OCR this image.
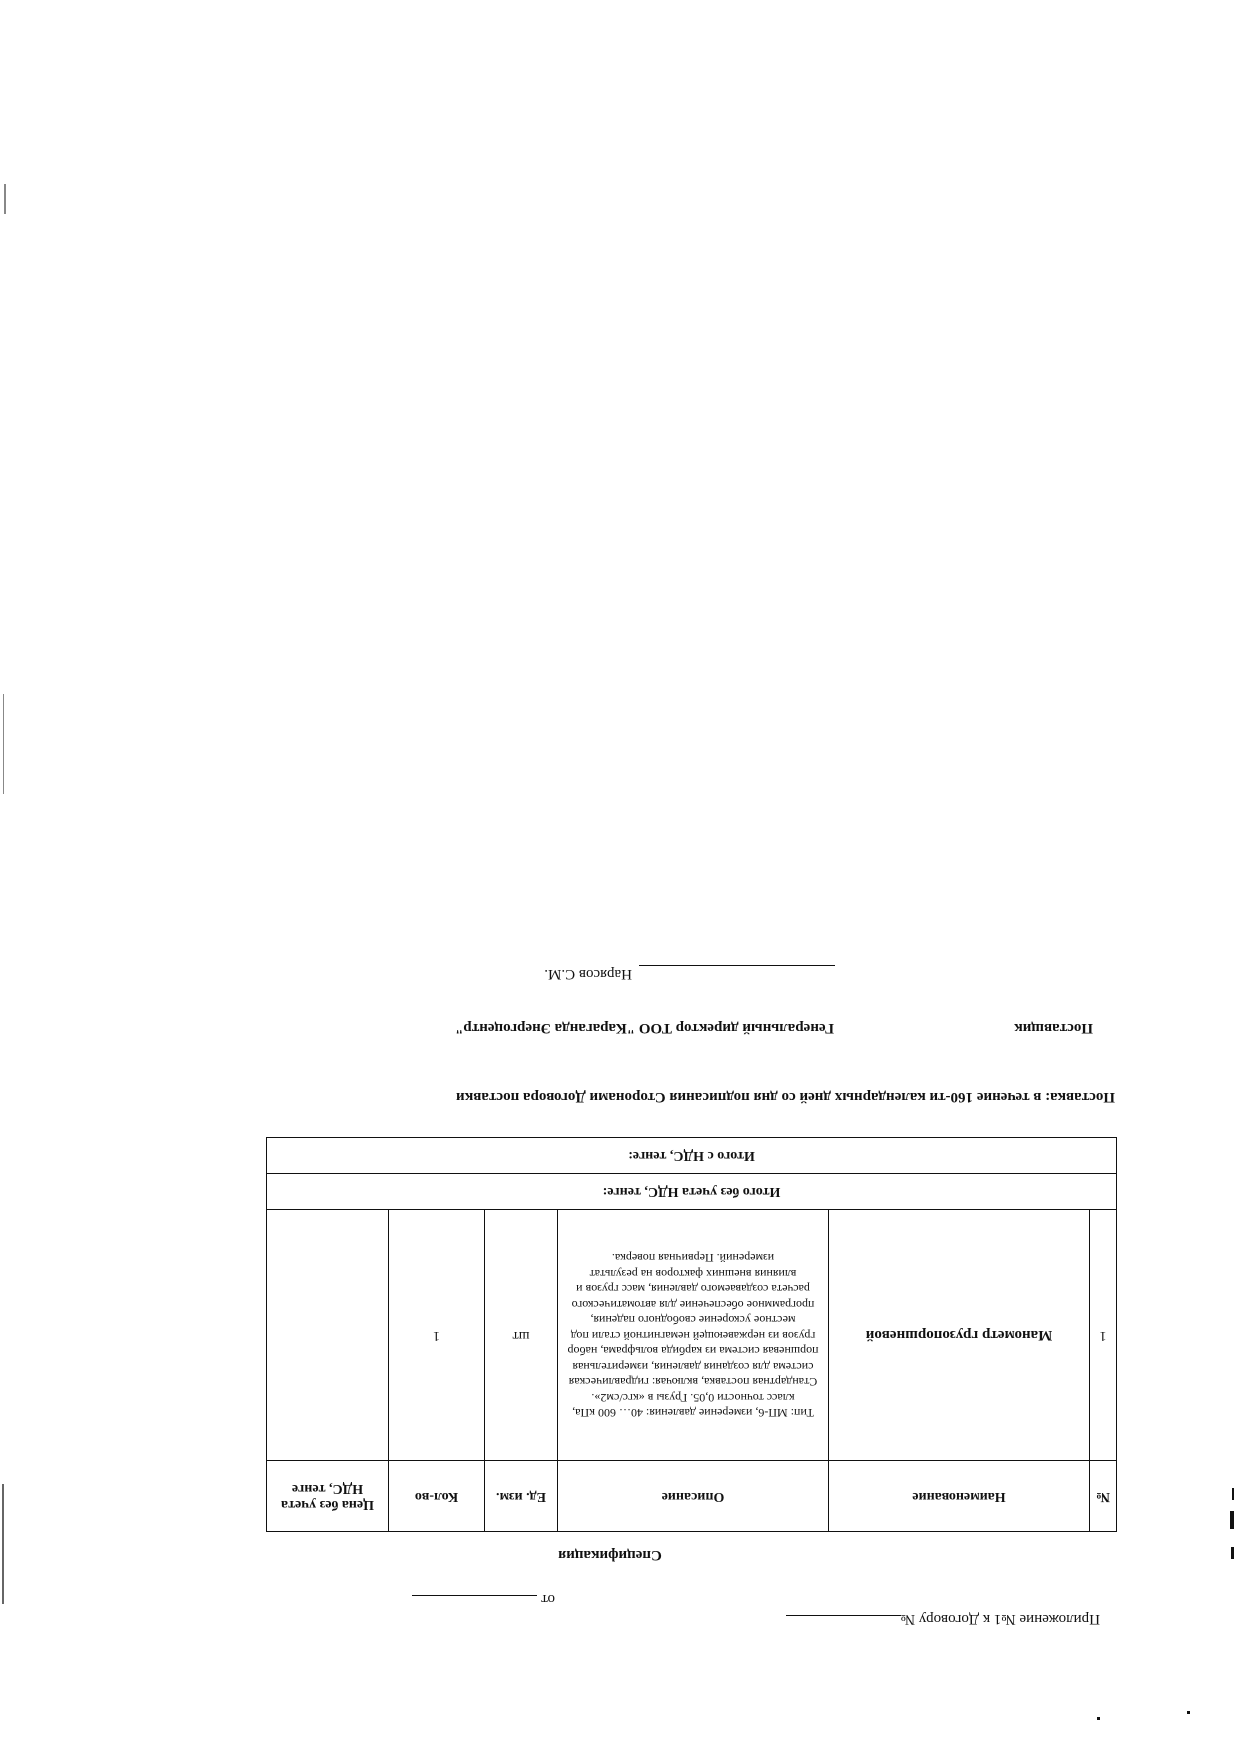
Приложение №1 к Договору №
от
Спецификация
№	Наименование	Описание	Ед. изм.	Кол-во	Цена без учета НДС, тенге
1	Манометр грузопоршневой	Тип: МП-6, измерение давления: 40… 600 кПа, класс точности 0,05. Грузы в «кгс/см2». Стандартная поставка, включая: гидравлическая система для создания давления, измерительная поршневая система из карбида вольфрама, набор грузов из нержавеющей немагнитной стали под местное ускорение свободного падения, программное обеспечение для автоматического расчета создаваемого давления, масс грузов и влияния внешних факторов на результат измерений. Первичная поверка.	шт	1	
Итого без учета НДС, тенге:					
Итого с НДС, тенге:					
Поставка: в течение 160-ти календарных дней со дня подписания Сторонами Договора поставки
Поставщик
Генеральный директор ТОО "Караганда Энергоцентр"
Нарясов С.М.
